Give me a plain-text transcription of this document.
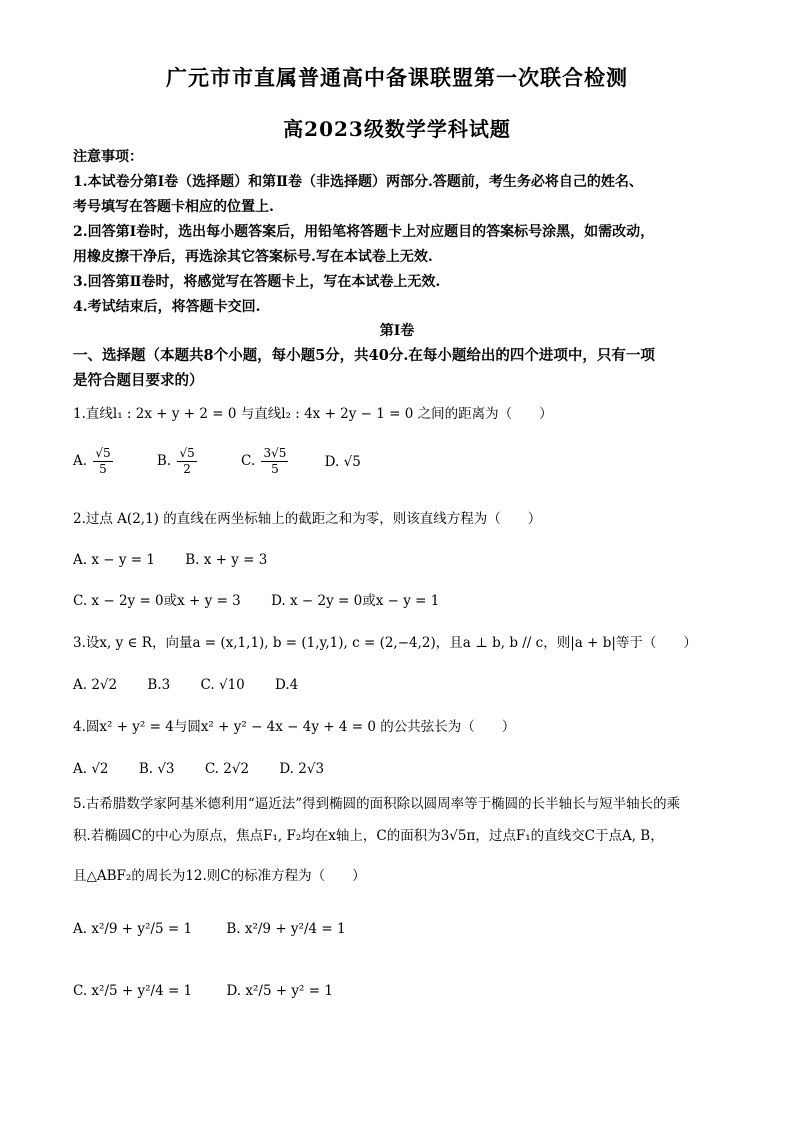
广元市市直属普通高中备课联盟第一次联合检测
高2023级数学学科试题
注意事项：
1.本试卷分第Ⅰ卷（选择题）和第Ⅱ卷（非选择题）两部分.答题前，考生务必将自己的姓名、
考号填写在答题卡相应的位置上.
2.回答第Ⅰ卷时，选出每小题答案后，用铅笔将答题卡上对应题目的答案标号涂黑，如需改动，
用橡皮擦干净后，再选涂其它答案标号.写在本试卷上无效.
3.回答第Ⅱ卷时，将感觉写在答题卡上，写在本试卷上无效.
4.考试结束后，将答题卡交回.
第Ⅰ卷
一、选择题（本题共8个小题，每小题5分，共40分.在每小题给出的四个进项中，只有一项
是符合题目要求的）
1.直线l₁ : 2x + y + 2 = 0 与直线l₂ : 4x + 2y − 1 = 0 之间的距离为（　　）
A. $\frac{√5}{5}$	B. $\frac{√5}{2}$	C. $\frac{3√5}{5}$	D. √5
2.过点 A(2,1) 的直线在两坐标轴上的截距之和为零，则该直线方程为（　　）
A. x − y = 1 B. x + y = 3
C. x − 2y = 0或x + y = 3 D. x − 2y = 0或x − y = 1
3.设x, y ∈ R，向量a = (x,1,1), b = (1,y,1), c = (2,−4,2)，且a ⊥ b, b // c，则|a + b|等于（　　）
A. 2√2 B.3 C. √10 D.4
4.圆x² + y² = 4与圆x² + y² − 4x − 4y + 4 = 0 的公共弦长为（　　）
A. √2 B. √3 C. 2√2 D. 2√3
5.古希腊数学家阿基米德利用“逼近法”得到椭圆的面积除以圆周率等于椭圆的长半轴长与短半轴长的乘
积.若椭圆C的中心为原点，焦点F₁, F₂均在x轴上，C的面积为3√5π，过点F₁的直线交C于点A, B，
且△ABF₂的周长为12.则C的标准方程为（　　）
A. x²/9 + y²/5 = 1	B. x²/9 + y²/4 = 1
C. x²/5 + y²/4 = 1	D. x²/5 + y² = 1
